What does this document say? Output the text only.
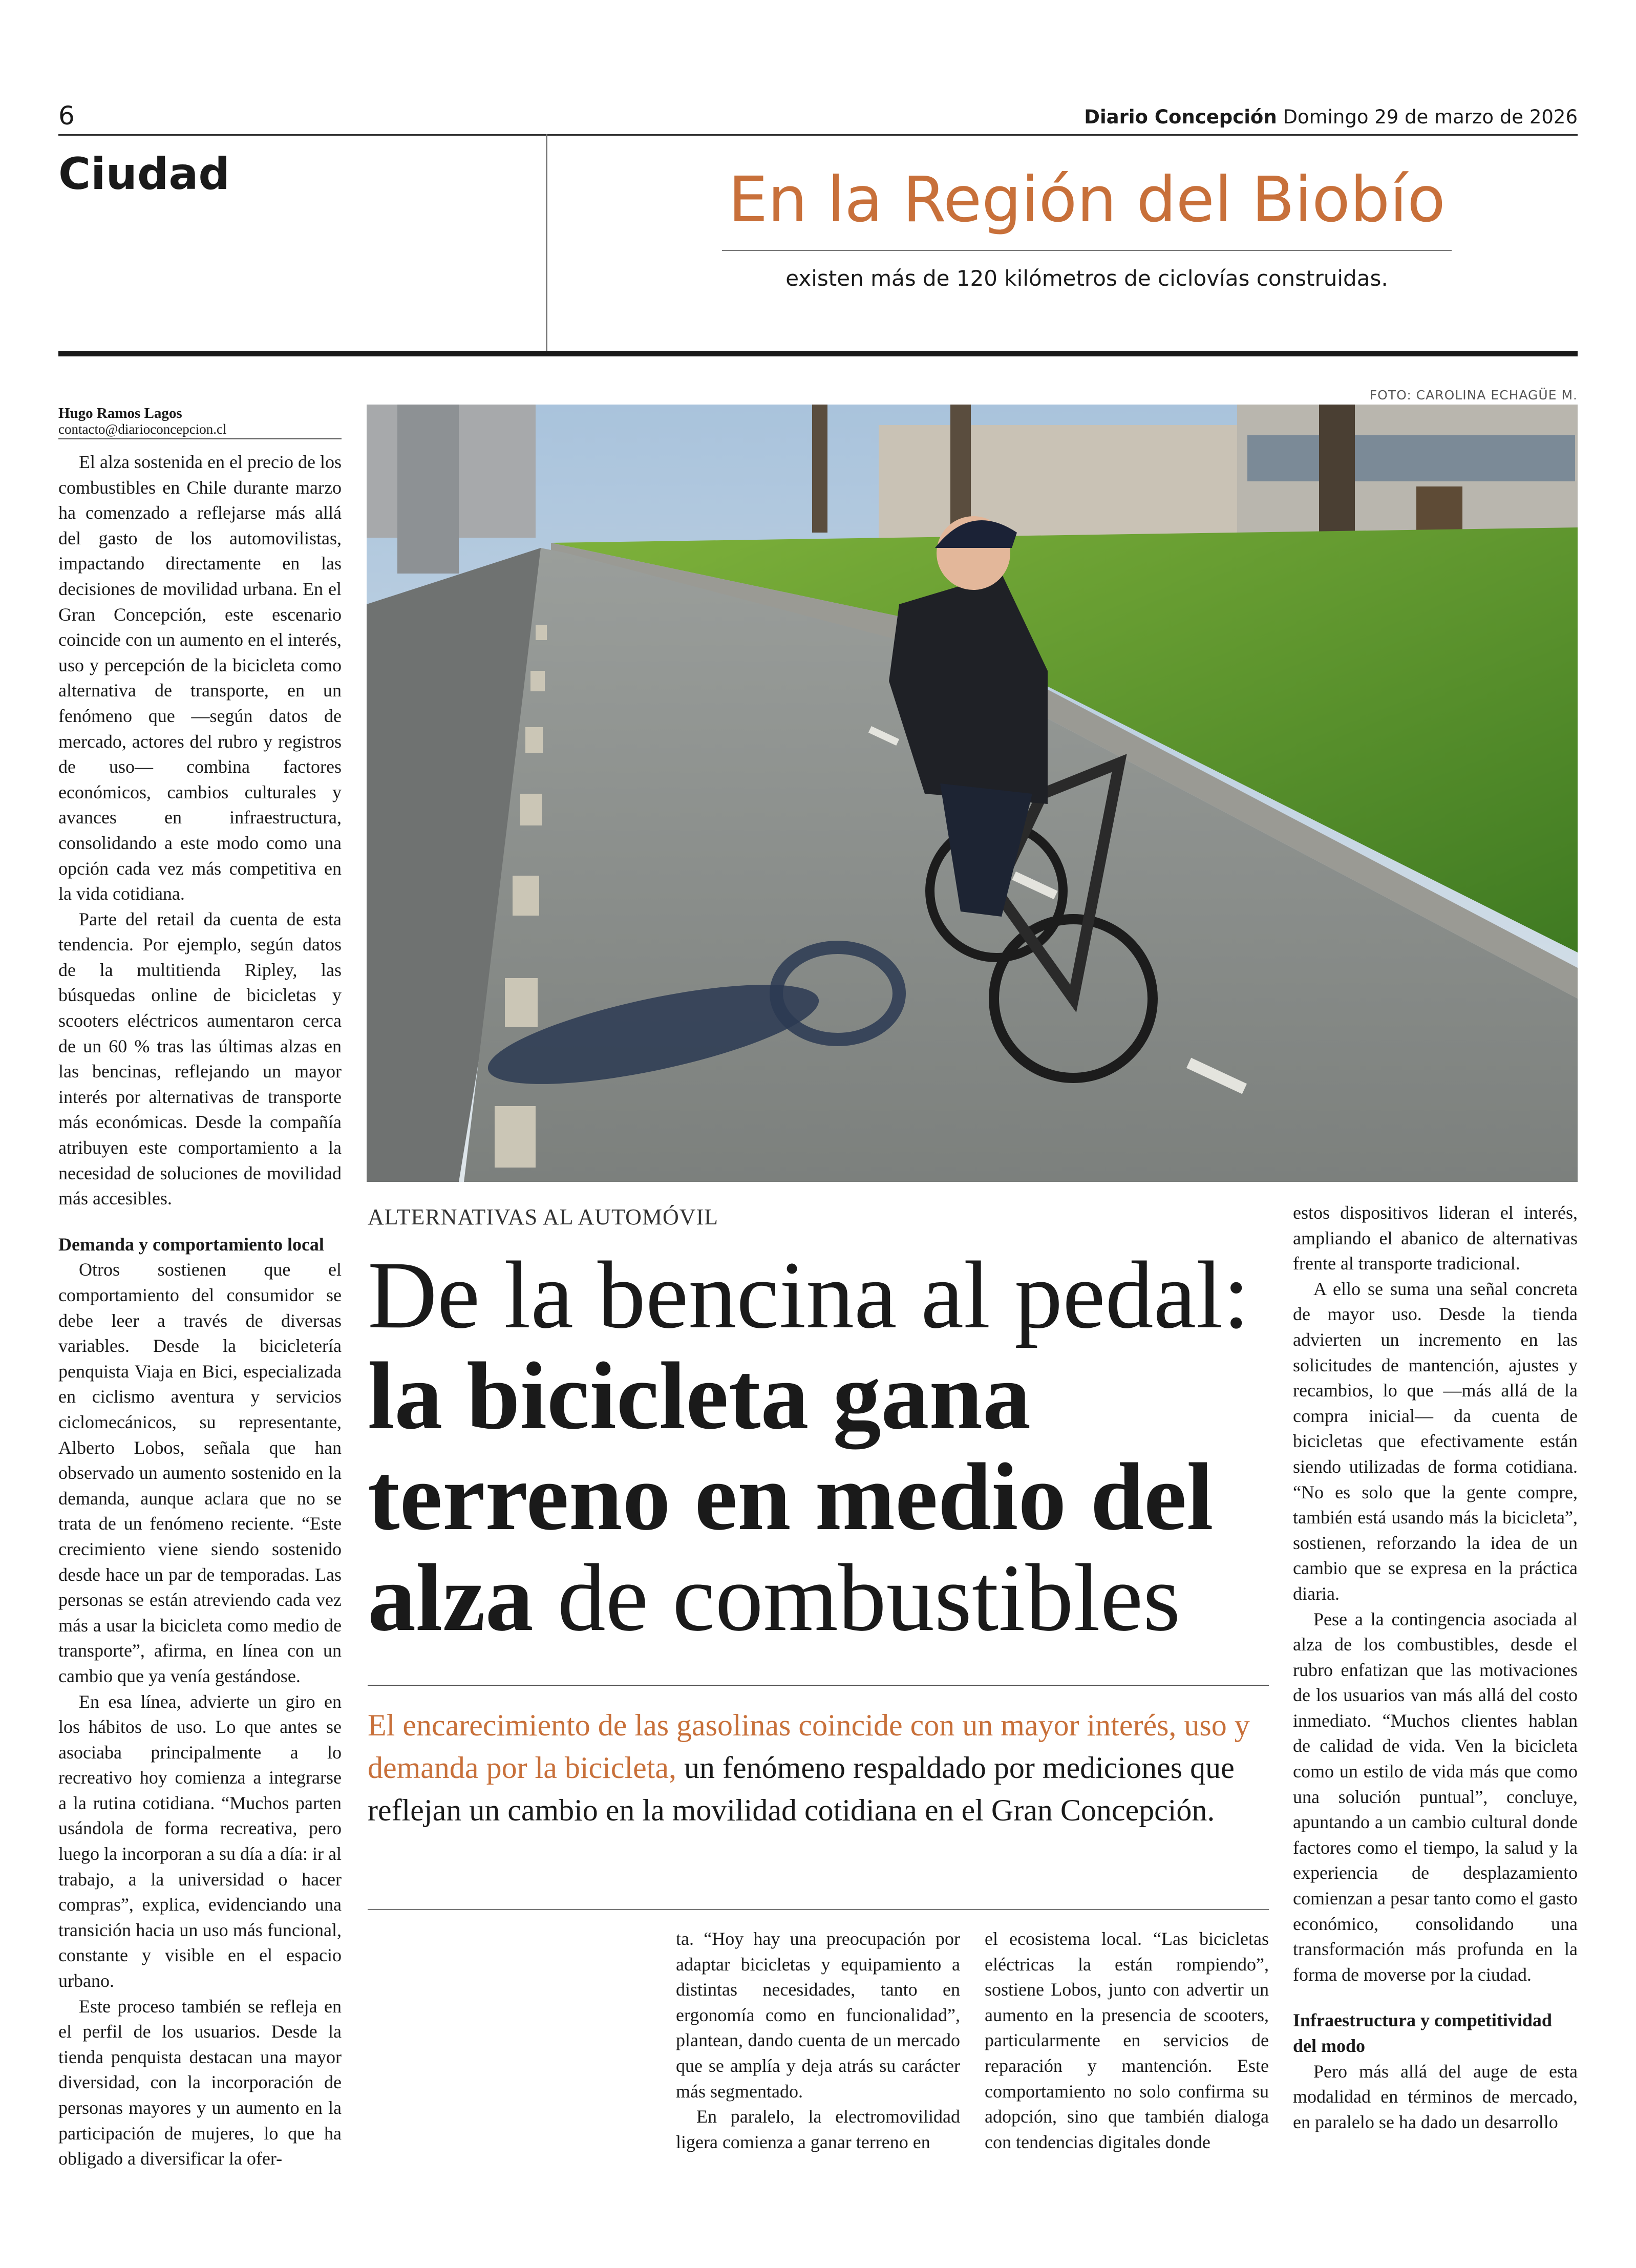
6	Diario Concepción Domingo 29 de marzo de 2026
Ciudad	En la Región del Biobío
existen más de 120 kilómetros de ciclovías construidas.
Hugo Ramos Lagos
contacto@diarioconcepcion.cl
FOTO: CAROLINA ECHAGÜE M.

El alza sostenida en el precio de los combustibles en Chile durante marzo ha comenzado a reflejarse más allá del gasto de los automovilistas, impactando directamente en las decisiones de movilidad urbana. En el Gran Concepción, este escenario coincide con un aumento en el interés, uso y percepción de la bicicleta como alternativa de transporte, en un fenómeno que —según datos de mercado, actores del rubro y registros de uso— combina factores económicos, cambios culturales y avances en infraestructura, consolidando a este modo como una opción cada vez más competitiva en la vida cotidiana.

Parte del retail da cuenta de esta tendencia. Por ejemplo, según datos de la multitienda Ripley, las búsquedas online de bicicletas y scooters eléctricos aumentaron cerca de un 60 % tras las últimas alzas en las bencinas, reflejando un mayor interés por alternativas de transporte más económicas. Desde la compañía atribuyen este comportamiento a la necesidad de soluciones de movilidad más accesibles.

Demanda y comportamiento local

Otros sostienen que el comportamiento del consumidor se debe leer a través de diversas variables. Desde la bicicletería penquista Viaja en Bici, especializada en ciclismo aventura y servicios ciclomecánicos, su representante, Alberto Lobos, señala que han observado un aumento sostenido en la demanda, aunque aclara que no se trata de un fenómeno reciente. “Este crecimiento viene siendo sostenido desde hace un par de temporadas. Las personas se están atreviendo cada vez más a usar la bicicleta como medio de transporte”, afirma, en línea con un cambio que ya venía gestándose.

En esa línea, advierte un giro en los hábitos de uso. Lo que antes se asociaba principalmente a lo recreativo hoy comienza a integrarse a la rutina cotidiana. “Muchos parten usándola de forma recreativa, pero luego la incorporan a su día a día: ir al trabajo, a la universidad o hacer compras”, explica, evidenciando una transición hacia un uso más funcional, constante y visible en el espacio urbano.

Este proceso también se refleja en el perfil de los usuarios. Desde la tienda penquista destacan una mayor diversidad, con la incorporación de personas mayores y un aumento en la participación de mujeres, lo que ha obligado a diversificar la ofer-

ALTERNATIVAS AL AUTOMÓVIL
De la bencina al pedal:
la bicicleta gana
terreno en medio del
alza de combustibles
El encarecimiento de las gasolinas coincide con un mayor interés, uso y demanda por la bicicleta, un fenómeno respaldado por mediciones que reflejan un cambio en la movilidad cotidiana en el Gran Concepción.

ta. “Hoy hay una preocupación por adaptar bicicletas y equipamiento a distintas necesidades, tanto en ergonomía como en funcionalidad”, plantean, dando cuenta de un mercado que se amplía y deja atrás su carácter más segmentado.

En paralelo, la electromovilidad ligera comienza a ganar terreno en

el ecosistema local. “Las bicicletas eléctricas la están rompiendo”, sostiene Lobos, junto con advertir un aumento en la presencia de scooters, particularmente en servicios de reparación y mantención. Este comportamiento no solo confirma su adopción, sino que también dialoga con tendencias digitales donde

estos dispositivos lideran el interés, ampliando el abanico de alternativas frente al transporte tradicional.

A ello se suma una señal concreta de mayor uso. Desde la tienda advierten un incremento en las solicitudes de mantención, ajustes y recambios, lo que —más allá de la compra inicial— da cuenta de bicicletas que efectivamente están siendo utilizadas de forma cotidiana. “No es solo que la gente compre, también está usando más la bicicleta”, sostienen, reforzando la idea de un cambio que se expresa en la práctica diaria.

Pese a la contingencia asociada al alza de los combustibles, desde el rubro enfatizan que las motivaciones de los usuarios van más allá del costo inmediato. “Muchos clientes hablan de calidad de vida. Ven la bicicleta como un estilo de vida más que como una solución puntual”, concluye, apuntando a un cambio cultural donde factores como el tiempo, la salud y la experiencia de desplazamiento comienzan a pesar tanto como el gasto económico, consolidando una transformación más profunda en la forma de moverse por la ciudad.

Infraestructura y competitividad del modo

Pero más allá del auge de esta modalidad en términos de mercado, en paralelo se ha dado un desarrollo
